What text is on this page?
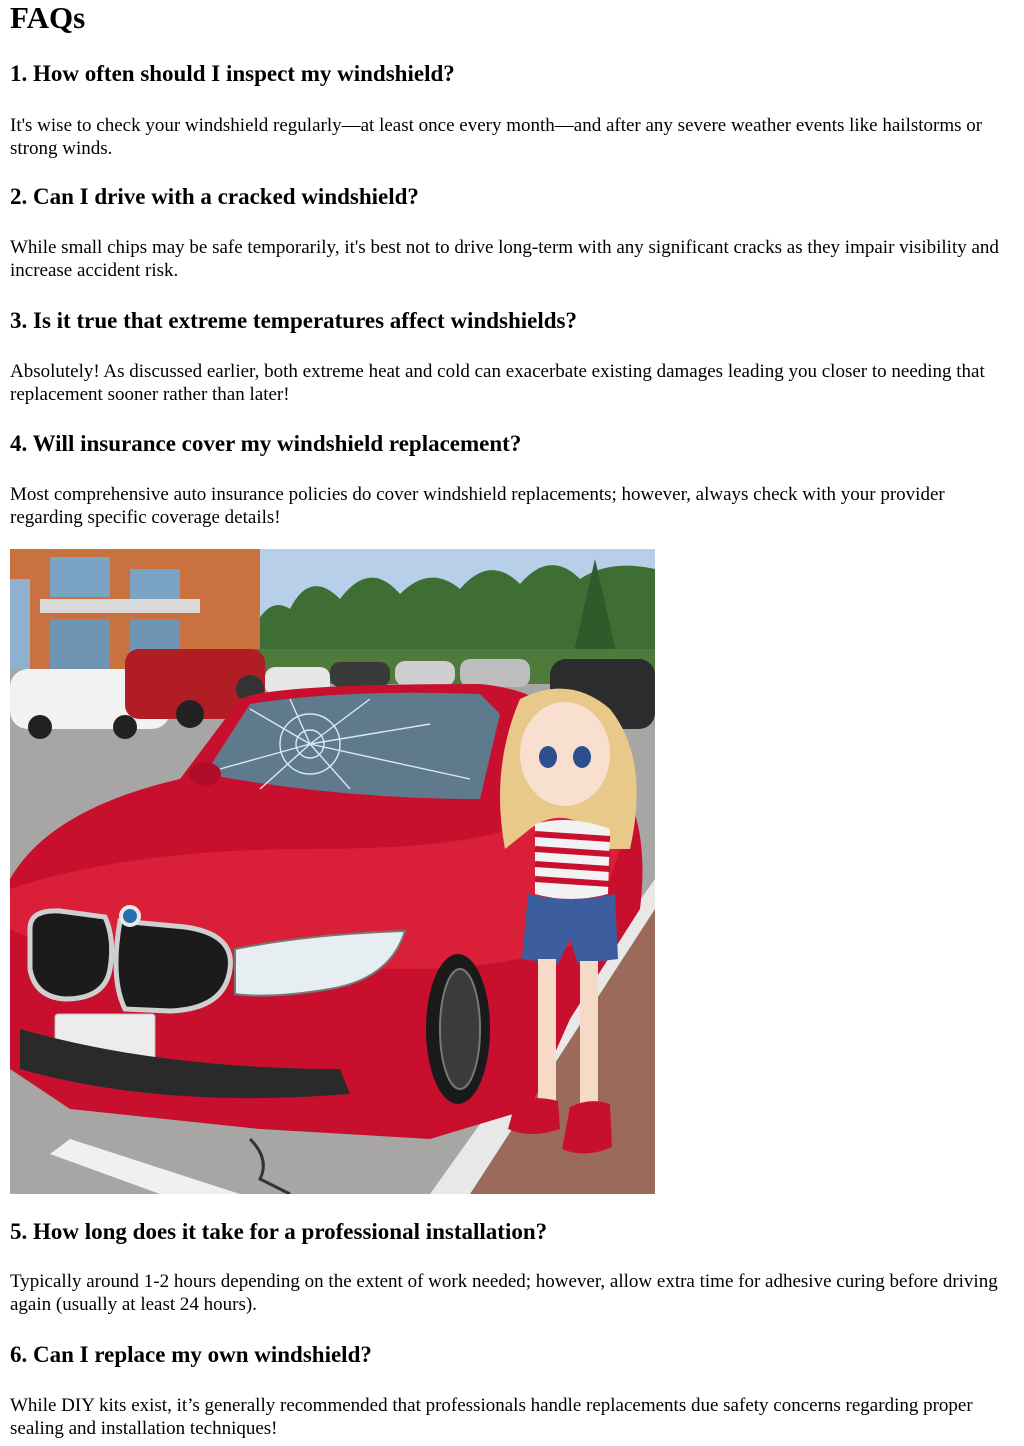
FAQs
1. How often should I inspect my windshield?

It's wise to check your windshield regularly—at least once every month—and after any severe weather events like hailstorms or strong winds.

2. Can I drive with a cracked windshield?

While small chips may be safe temporarily, it's best not to drive long-term with any significant cracks as they impair visibility and increase accident risk.

3. Is it true that extreme temperatures affect windshields?

Absolutely! As discussed earlier, both extreme heat and cold can exacerbate existing damages leading you closer to needing that replacement sooner rather than later!

4. Will insurance cover my windshield replacement?

Most comprehensive auto insurance policies do cover windshield replacements; however, always check with your provider regarding specific coverage details!

5. How long does it take for a professional installation?

Typically around 1-2 hours depending on the extent of work needed; however, allow extra time for adhesive curing before driving again (usually at least 24 hours).

6. Can I replace my own windshield?

While DIY kits exist, it’s generally recommended that professionals handle replacements due safety concerns regarding proper sealing and installation techniques!
